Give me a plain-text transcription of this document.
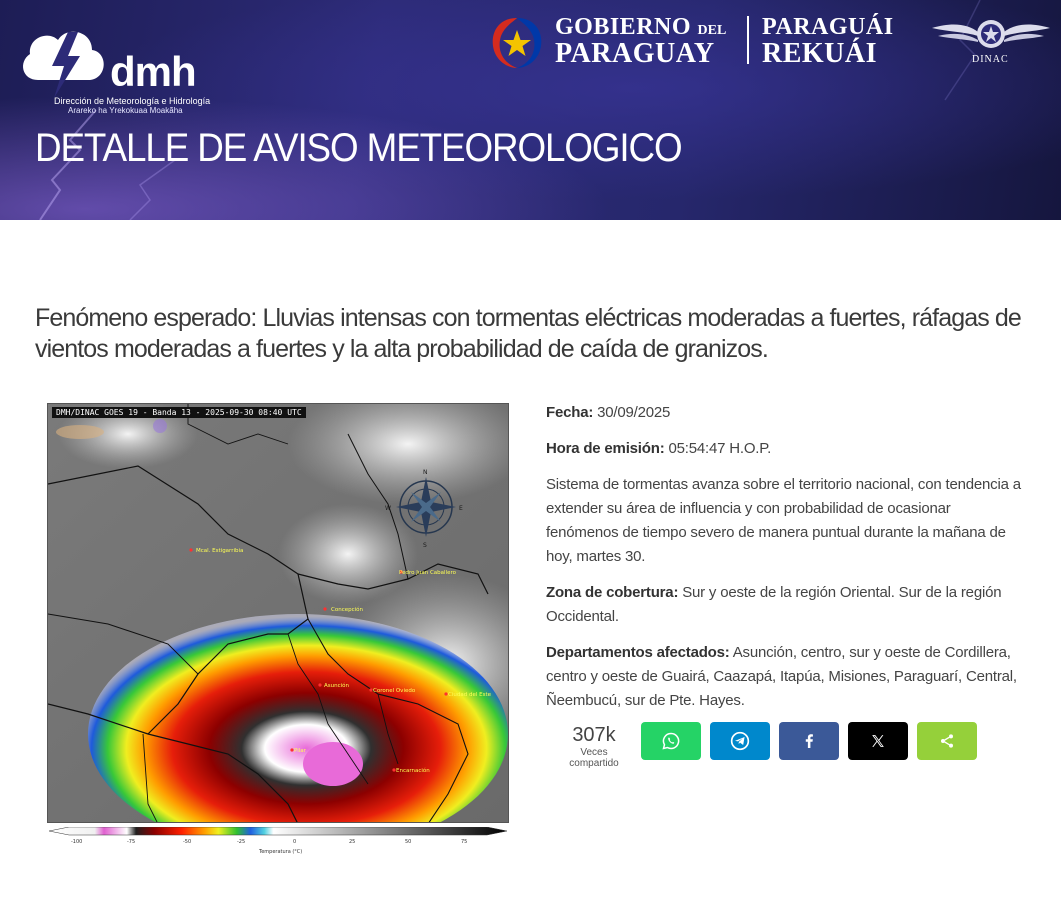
dmh
Dirección de Meteorología e Hidrología
Arareko ha Yrekokuaa Moakãha
DETALLE DE AVISO METEOROLOGICO
GOBIERNO DEL
PARAGUAY
PARAGUÁI
REKUÁI	DINAC
Fenómeno esperado: Lluvias intensas con tormentas eléctricas moderadas a fuertes, ráfagas de vientos moderadas a fuertes y la alta probabilidad de caída de granizos.
N
E
S
W
Mcal. Estigarribia
Pedro Juan Caballero
Concepción
Asunción
Coronel Oviedo
Ciudad del Este
Pilar
Encarnación
DMH/DINAC GOES 19 - Banda 13 - 2025-09-30 08:40 UTC
-100	-75	-50	-25	0	25	50	75
Temperatura (°C)

Fecha: 30/09/2025

Hora de emisión: 05:54:47 H.O.P.

Sistema de tormentas avanza sobre el territorio nacional, con tendencia a extender su área de influencia y con probabilidad de ocasionar fenómenos de tiempo severo de manera puntual durante la mañana de hoy, martes 30.

Zona de cobertura: Sur y oeste de la región Oriental. Sur de la región Occidental.

Departamentos afectados: Asunción, centro, sur y oeste de Cordillera, centro y oeste de Guairá, Caazapá, Itapúa, Misiones, Paraguarí, Central, Ñeembucú, sur de Pte. Hayes.

307k
Veces
compartido
